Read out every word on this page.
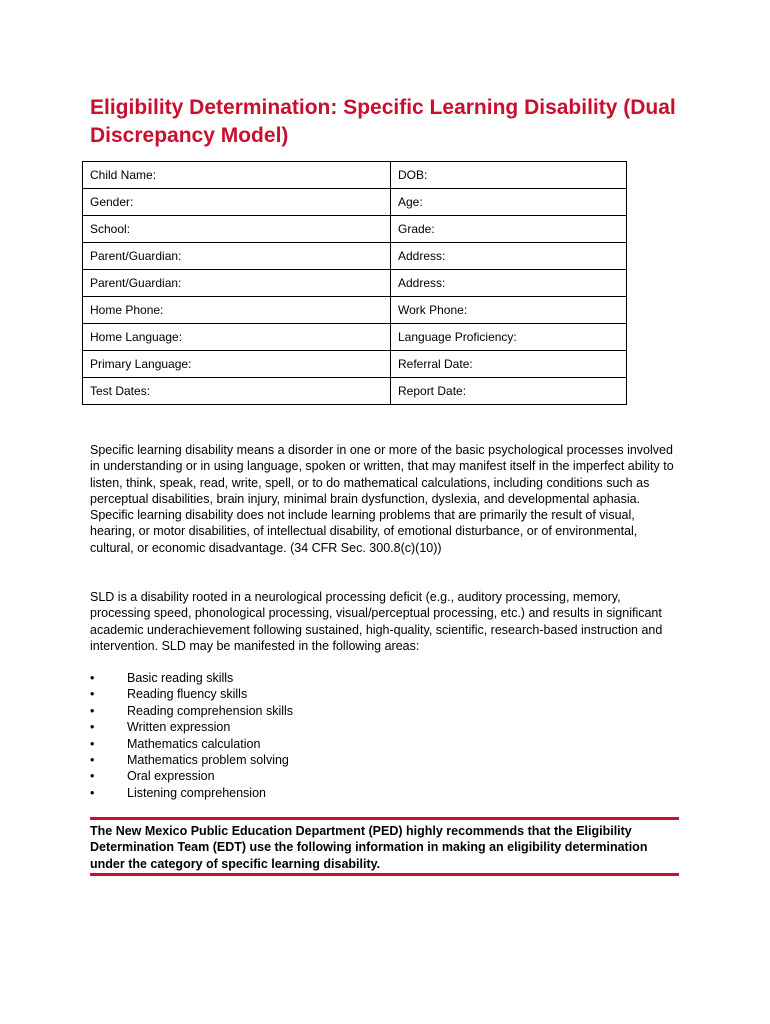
Eligibility Determination: Specific Learning Disability (Dual Discrepancy Model)
Child Name:	DOB:
Gender:	Age:
School:	Grade:
Parent/Guardian:	Address:
Parent/Guardian:	Address:
Home Phone:	Work Phone:
Home Language:	Language Proficiency:
Primary Language:	Referral Date:
Test Dates:	Report Date:

Specific learning disability means a disorder in one or more of the basic psychological processes involved in understanding or in using language, spoken or written, that may manifest itself in the imperfect ability to listen, think, speak, read, write, spell, or to do mathematical calculations, including conditions such as perceptual disabilities, brain injury, minimal brain dysfunction, dyslexia, and developmental aphasia. Specific learning disability does not include learning problems that are primarily the result of visual, hearing, or motor disabilities, of intellectual disability, of emotional disturbance, or of environmental, cultural, or economic disadvantage. (34 CFR Sec. 300.8(c)(10))

SLD is a disability rooted in a neurological processing deficit (e.g., auditory processing, memory, processing speed, phonological processing, visual/perceptual processing, etc.) and results in significant academic underachievement following sustained, high-quality, scientific, research-based instruction and intervention. SLD may be manifested in the following areas:

•	Basic reading skills
•	Reading fluency skills
•	Reading comprehension skills
•	Written expression
•	Mathematics calculation
•	Mathematics problem solving
•	Oral expression
•	Listening comprehension

The New Mexico Public Education Department (PED) highly recommends that the Eligibility Determination Team (EDT) use the following information in making an eligibility determination under the category of specific learning disability.
